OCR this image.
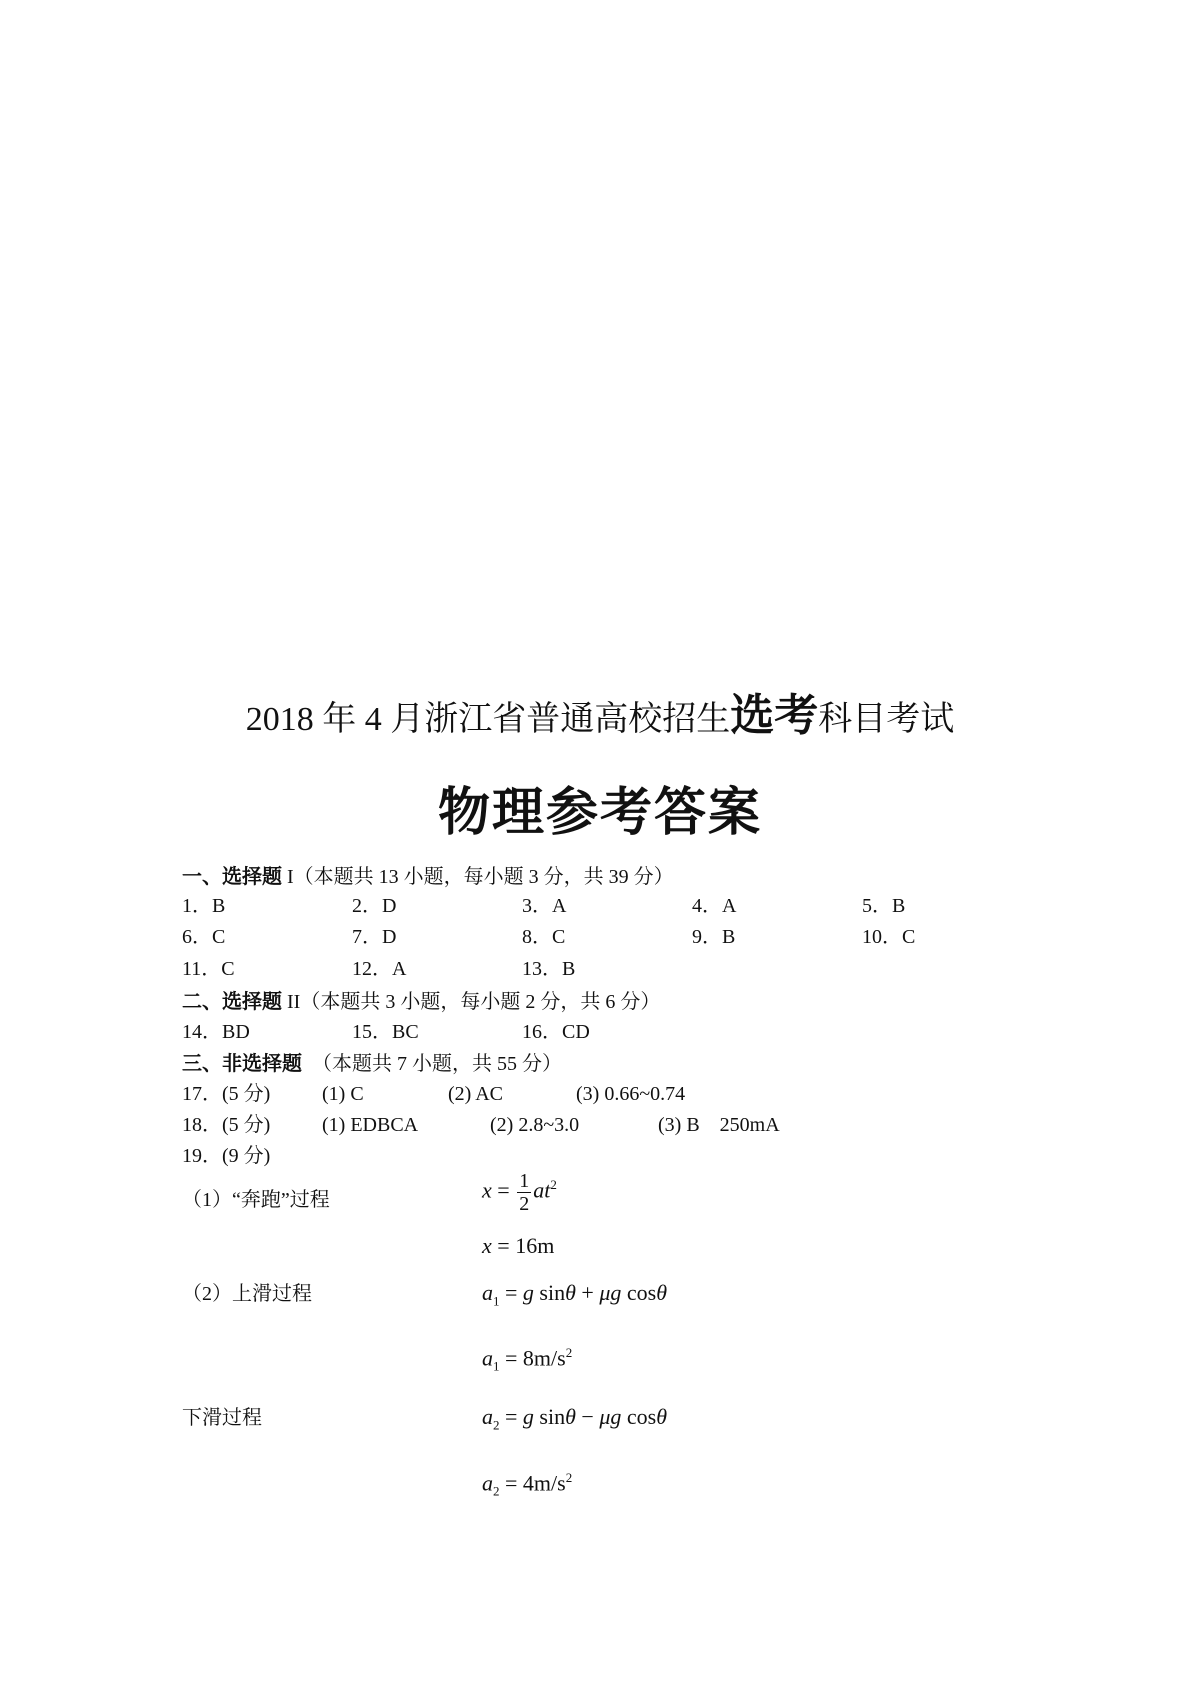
2018 年 4 月浙江省普通高校招生选考科目考试
物理参考答案
一、选择题 I（本题共 13 小题，每小题 3 分，共 39 分）
1．B	2．D	3．A	4．A	5．B
6．C	7．D	8．C	9．B	10．C
11．C	12．A	13．B
二、选择题 II（本题共 3 小题，每小题 2 分，共 6 分）
14．BD	15．BC	16．CD
三、非选择题　（本题共 7 小题，共 55 分）
17．(5 分)	(1) C	(2) AC	(3) 0.66~0.74
18．(5 分)	(1) EDBCA	(2) 2.8~3.0	(3) B　250mA
19．(9 分)
（1）“奔跑”过程	$x = \frac{1}{2} at^2$
x = 16m
（2）上滑过程	$a_1 = g$ sinθ + μg cosθ
$a_1 = 8m/s^2$
下滑过程	$a_2 = g$ sinθ − μg cosθ
$a_2 = 4m/s^2$
